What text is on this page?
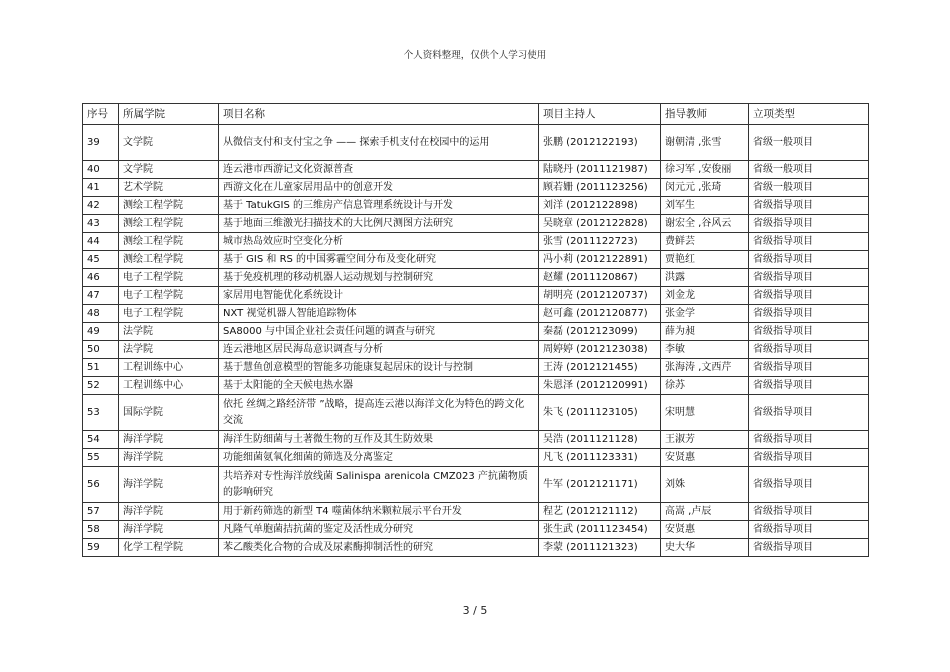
个人资料整理，仅供个人学习使用
序号	所属学院	项目名称	项目主持人	指导教师	立项类型
39	文学院	从微信支付和支付宝之争 —— 探索手机支付在校园中的运用	张鹏 (2012122193)	谢朝清 ,张雪	省级一般项目
40	文学院	连云港市西游记文化资源普查	陆晓丹 (2011121987)	徐习军 ,安俊丽	省级一般项目
41	艺术学院	西游文化在儿童家居用品中的创意开发	顾若姗 (2011123256)	闵元元 ,张琦	省级一般项目
42	测绘工程学院	基于 TatukGIS 的三维房产信息管理系统设计与开发	刘洋 (2012122898)	刘军生	省级指导项目
43	测绘工程学院	基于地面三维激光扫描技术的大比例尺测图方法研究	吴晓章 (2012122828)	谢宏全 ,谷风云	省级指导项目
44	测绘工程学院	城市热岛效应时空变化分析	张雪 (2011122723)	费鲜芸	省级指导项目
45	测绘工程学院	基于 GIS 和 RS 的中国雾霾空间分布及变化研究	冯小莉 (2012122891)	贾艳红	省级指导项目
46	电子工程学院	基于免疫机理的移动机器人运动规划与控制研究	赵耀 (2011120867)	洪露	省级指导项目
47	电子工程学院	家居用电智能优化系统设计	胡明亮 (2012120737)	刘金龙	省级指导项目
48	电子工程学院	NXT 视觉机器人智能追踪物体	赵可鑫 (2012120877)	张金学	省级指导项目
49	法学院	SA8000 与中国企业社会责任问题的调查与研究	秦磊 (2012123099)	薛为昶	省级指导项目
50	法学院	连云港地区居民海岛意识调查与分析	周婷婷 (2012123038)	李敏	省级指导项目
51	工程训练中心	基于慧鱼创意模型的智能多功能康复起居床的设计与控制	王涛 (2012121455)	张海涛 ,文西芹	省级指导项目
52	工程训练中心	基于太阳能的全天候电热水器	朱恩泽 (2012120991)	徐苏	省级指导项目
53	国际学院	依托 丝绸之路经济带 ”战略，提高连云港以海洋文化为特色的跨文化交流	朱飞 (2011123105)	宋明慧	省级指导项目
54	海洋学院	海洋生防细菌与土著微生物的互作及其生防效果	吴浩 (2011121128)	王淑芳	省级指导项目
55	海洋学院	功能细菌氨氧化细菌的筛选及分离鉴定	凡飞 (2011123331)	安贤惠	省级指导项目
56	海洋学院	共培养对专性海洋放线菌 Salinispa arenicola CMZ023 产抗菌物质的影响研究	牛军 (2012121171)	刘姝	省级指导项目
57	海洋学院	用于新药筛选的新型 T4 噬菌体纳米颗粒展示平台开发	程艺 (2012121112)	高嵩 ,卢辰	省级指导项目
58	海洋学院	凡隆气单胞菌拮抗菌的鉴定及活性成分研究	张生武 (2011123454)	安贤惠	省级指导项目
59	化学工程学院	苯乙酸类化合物的合成及尿素酶抑制活性的研究	李蒙 (2011121323)	史大华	省级指导项目
3 / 5
